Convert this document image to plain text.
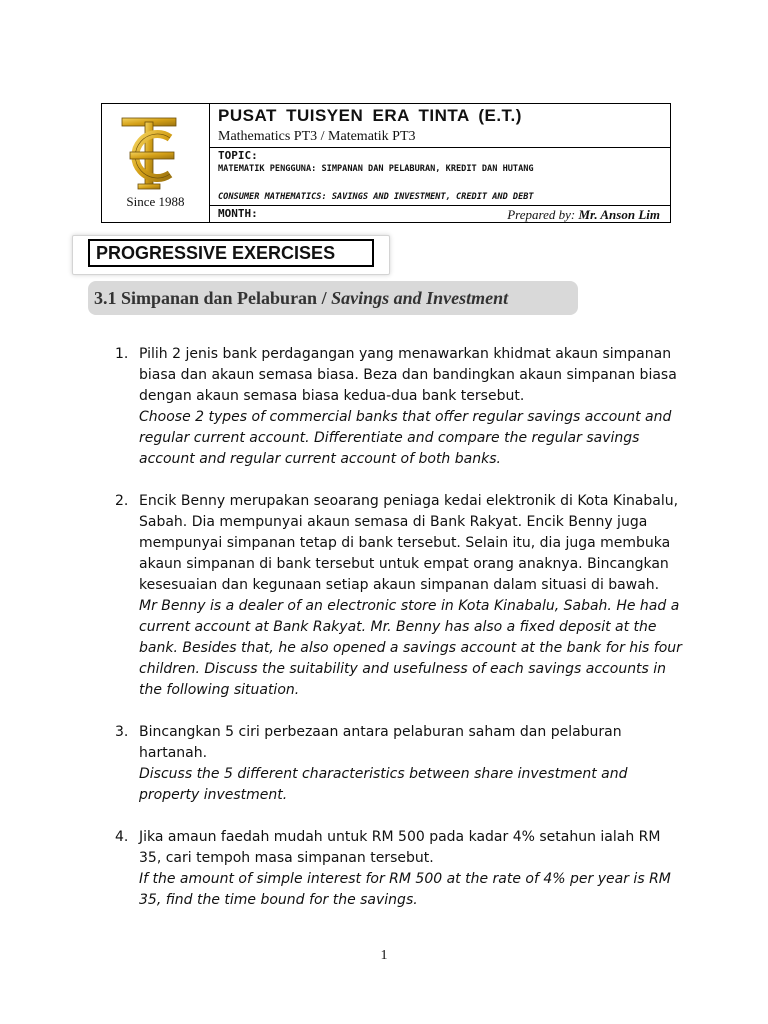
Since 1988
PUSAT TUISYEN ERA TINTA (E.T.)
Mathematics PT3 / Matematik PT3
TOPIC:
MATEMATIK PENGGUNA: SIMPANAN DAN PELABURAN, KREDIT DAN HUTANG
CONSUMER MATHEMATICS: SAVINGS AND INVESTMENT, CREDIT AND DEBT
MONTH:	Prepared by: Mr. Anson Lim
PROGRESSIVE EXERCISES
3.1 Simpanan dan Pelaburan / Savings and Investment
1. Pilih 2 jenis bank perdagangan yang menawarkan khidmat akaun simpanan biasa dan akaun semasa biasa. Beza dan bandingkan akaun simpanan biasa dengan akaun semasa biasa kedua-dua bank tersebut.
Choose 2 types of commercial banks that offer regular savings account and regular current account. Differentiate and compare the regular savings account and regular current account of both banks.
2. Encik Benny merupakan seoarang peniaga kedai elektronik di Kota Kinabalu, Sabah. Dia mempunyai akaun semasa di Bank Rakyat. Encik Benny juga mempunyai simpanan tetap di bank tersebut. Selain itu, dia juga membuka akaun simpanan di bank tersebut untuk empat orang anaknya. Bincangkan kesesuaian dan kegunaan setiap akaun simpanan dalam situasi di bawah.
Mr Benny is a dealer of an electronic store in Kota Kinabalu, Sabah. He had a current account at Bank Rakyat. Mr. Benny has also a fixed deposit at the bank. Besides that, he also opened a savings account at the bank for his four children. Discuss the suitability and usefulness of each savings accounts in the following situation.
3. Bincangkan 5 ciri perbezaan antara pelaburan saham dan pelaburan hartanah.
Discuss the 5 different characteristics between share investment and property investment.
4. Jika amaun faedah mudah untuk RM 500 pada kadar 4% setahun ialah RM 35, cari tempoh masa simpanan tersebut.
If the amount of simple interest for RM 500 at the rate of 4% per year is RM 35, find the time bound for the savings.
1
